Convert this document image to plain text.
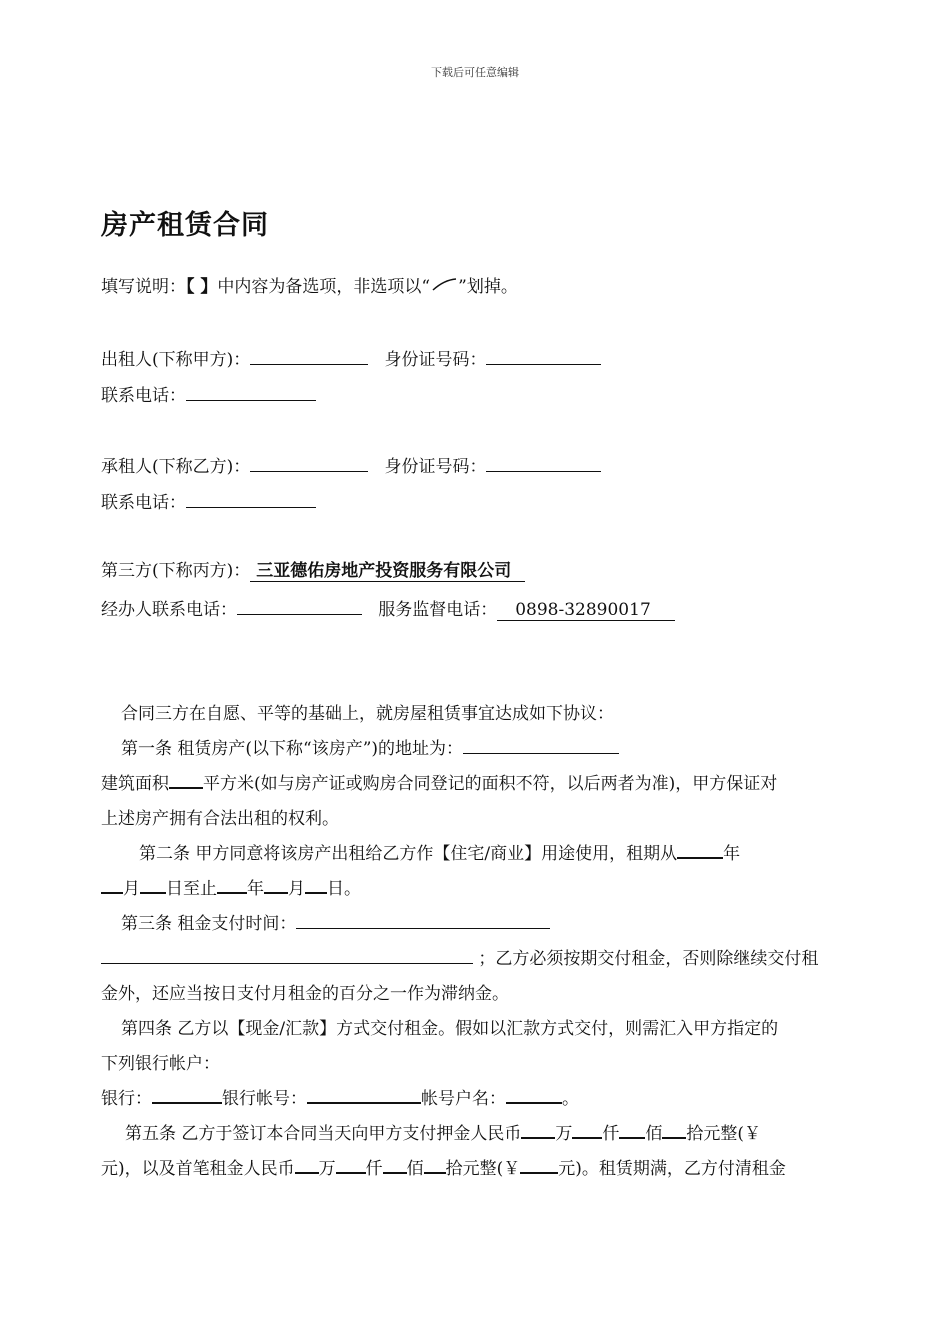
下载后可任意编辑
房产租赁合同
填写说明：【 】中内容为备选项，非选项以“ ”划掉。
出租人(下称甲方)：	身份证号码：
联系电话：
承租人(下称乙方)：	身份证号码：
联系电话：
第三方(下称丙方)： 三亚德佑房地产投资服务有限公司
经办人联系电话：	服务监督电话： 0898-32890017
合同三方在自愿、平等的基础上，就房屋租赁事宜达成如下协议：
第一条 租赁房产(以下称“该房产”)的地址为：
建筑面积 平方米(如与房产证或购房合同登记的面积不符，以后两者为准)，甲方保证对
上述房产拥有合法出租的权利。
第二条 甲方同意将该房产出租给乙方作【住宅/商业】用途使用，租期从	年
月 日至止 年 月 日。
第三条 租金支付时间：
；乙方必须按期交付租金，否则除继续交付租
金外，还应当按日支付月租金的百分之一作为滞纳金。
第四条 乙方以【现金/汇款】方式交付租金。假如以汇款方式交付，则需汇入甲方指定的
下列银行帐户：
银行：	银行帐号：	帐号户名：	。
第五条 乙方于签订本合同当天向甲方支付押金人民币 万 仟 佰 拾元整(￥
元)，以及首笔租金人民币 万 仟 佰 拾元整(￥ 元)。租赁期满，乙方付清租金
